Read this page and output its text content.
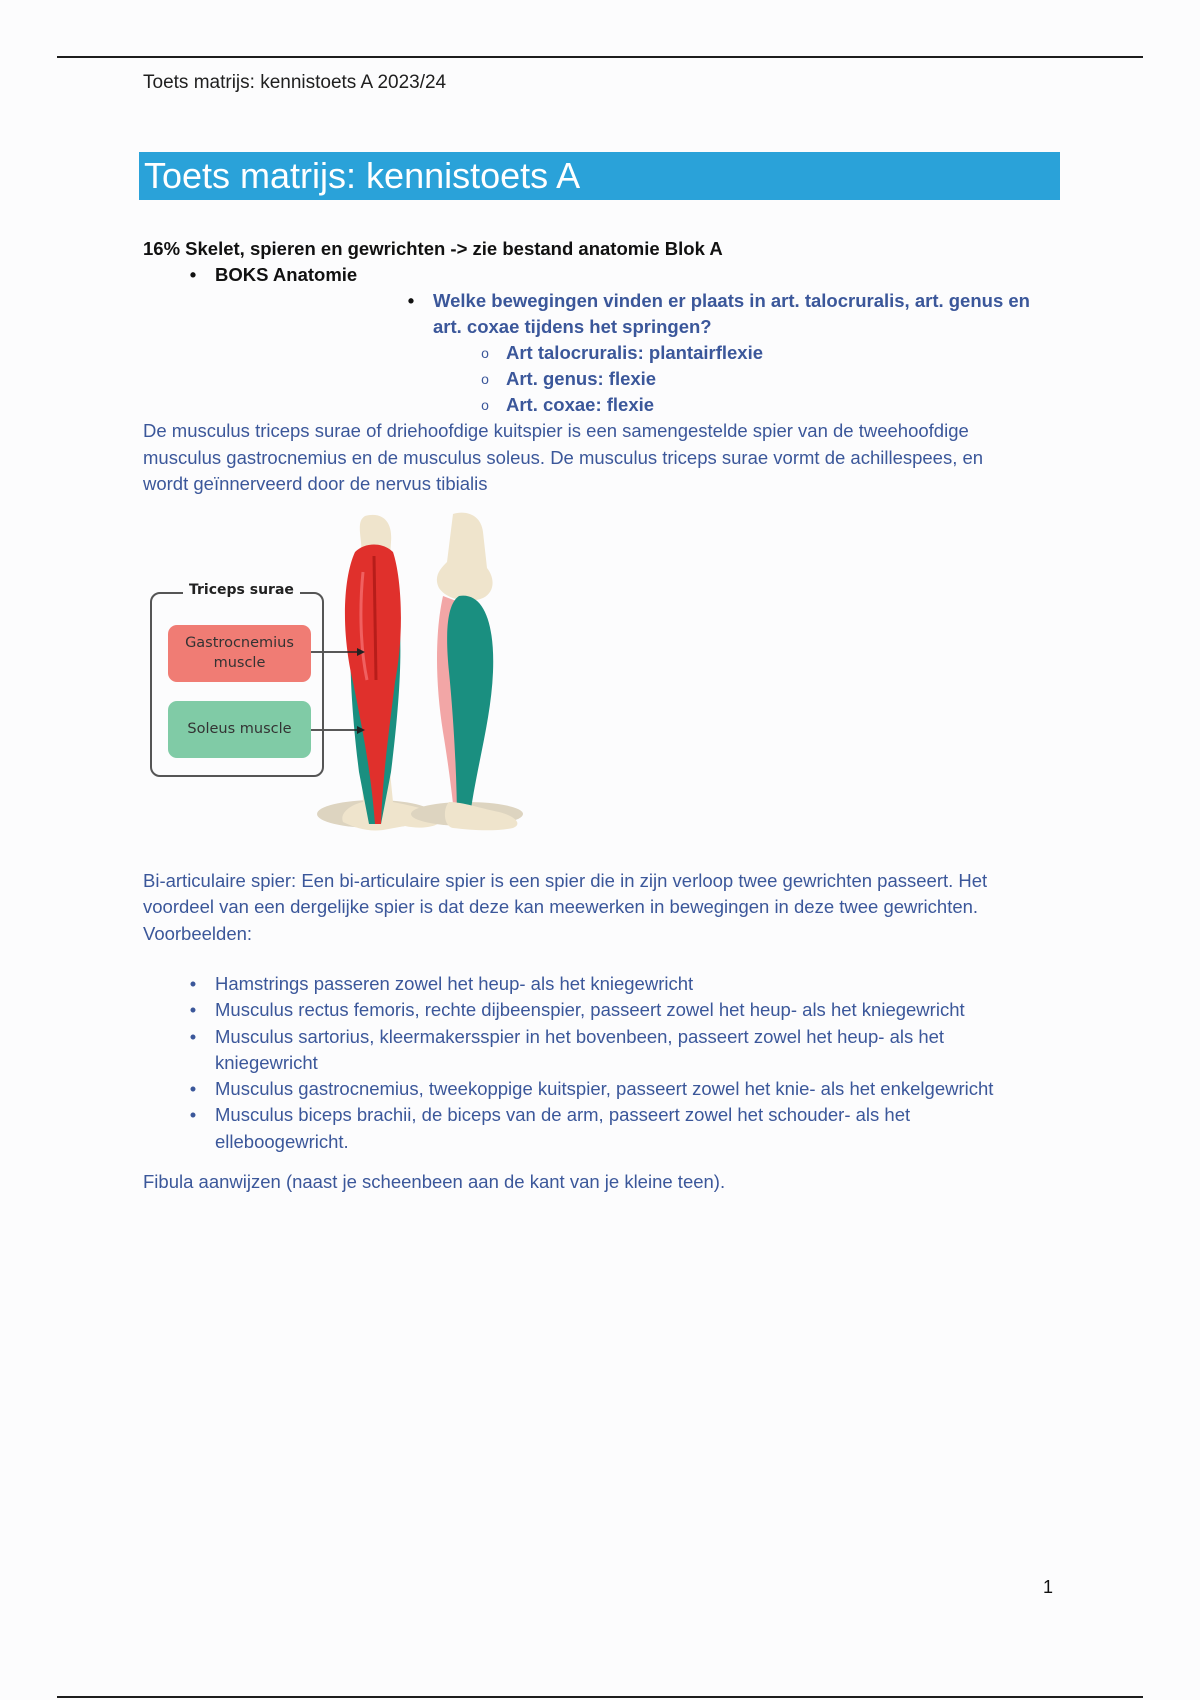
Toets matrijs: kennistoets A 2023/24
Toets matrijs: kennistoets A
16% Skelet, spieren en gewrichten -> zie bestand anatomie Blok A
•	BOKS Anatomie
•	Welke bewegingen vinden er plaats in art. talocruralis, art. genus en
art. coxae tijdens het springen?
o Art talocruralis: plantairflexie
o Art. genus: flexie
o Art. coxae: flexie
De musculus triceps surae of driehoofdige kuitspier is een samengestelde spier van de tweehoofdige
musculus gastrocnemius en de musculus soleus. De musculus triceps surae vormt de achillespees, en
wordt geïnnerveerd door de nervus tibialis
Triceps surae
Gastrocnemius
muscle
Soleus muscle
Bi-articulaire spier: Een bi-articulaire spier is een spier die in zijn verloop twee gewrichten passeert. Het
voordeel van een dergelijke spier is dat deze kan meewerken in bewegingen in deze twee gewrichten.
Voorbeelden:
•	Hamstrings passeren zowel het heup- als het kniegewricht
•	Musculus rectus femoris, rechte dijbeenspier, passeert zowel het heup- als het kniegewricht
•	Musculus sartorius, kleermakersspier in het bovenbeen, passeert zowel het heup- als het
kniegewricht
•	Musculus gastrocnemius, tweekoppige kuitspier, passeert zowel het knie- als het enkelgewricht
•	Musculus biceps brachii, de biceps van de arm, passeert zowel het schouder- als het
elleboogewricht.
Fibula aanwijzen (naast je scheenbeen aan de kant van je kleine teen).
1
